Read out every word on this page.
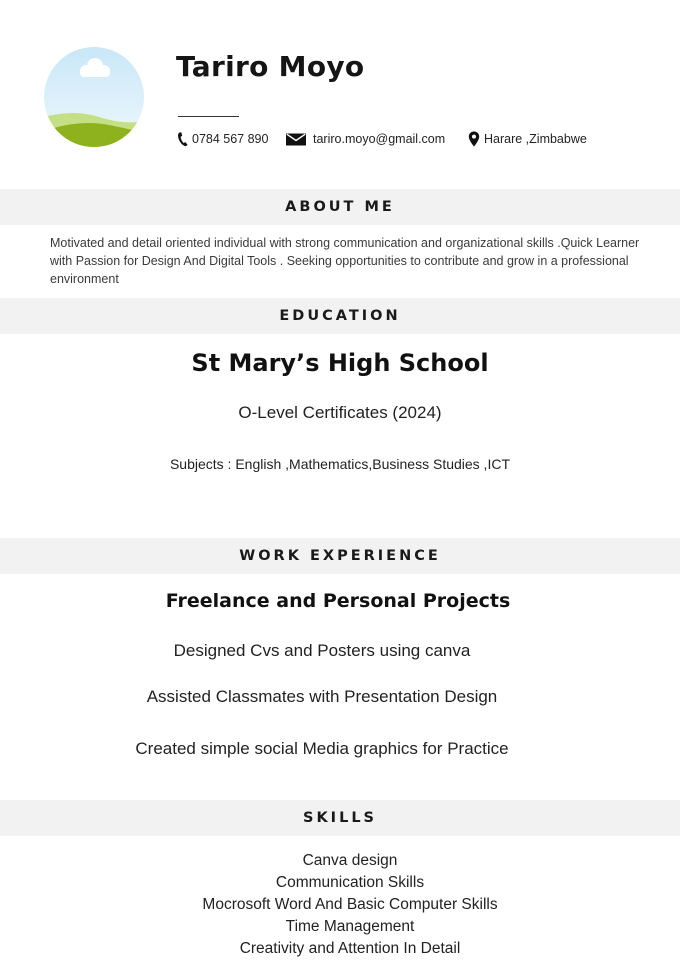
Tariro Moyo
0784 567 890	tariro.moyo@gmail.com	Harare ,Zimbabwe
ABOUT ME

Motivated and detail oriented individual with strong communication and organizational skills .Quick Learner with Passion for Design And Digital Tools . Seeking opportunities to contribute and grow in a professional environment

EDUCATION

St Mary’s High School

O-Level Certificates (2024)

Subjects : English ,Mathematics,Business Studies ,ICT

WORK EXPERIENCE

Freelance and Personal Projects

Designed Cvs and Posters using canva

Assisted Classmates with Presentation Design

Created simple social Media graphics for Practice

SKILLS

Canva design

Communication Skills

Mocrosoft Word And Basic Computer Skills

Time Management

Creativity and Attention In Detail
